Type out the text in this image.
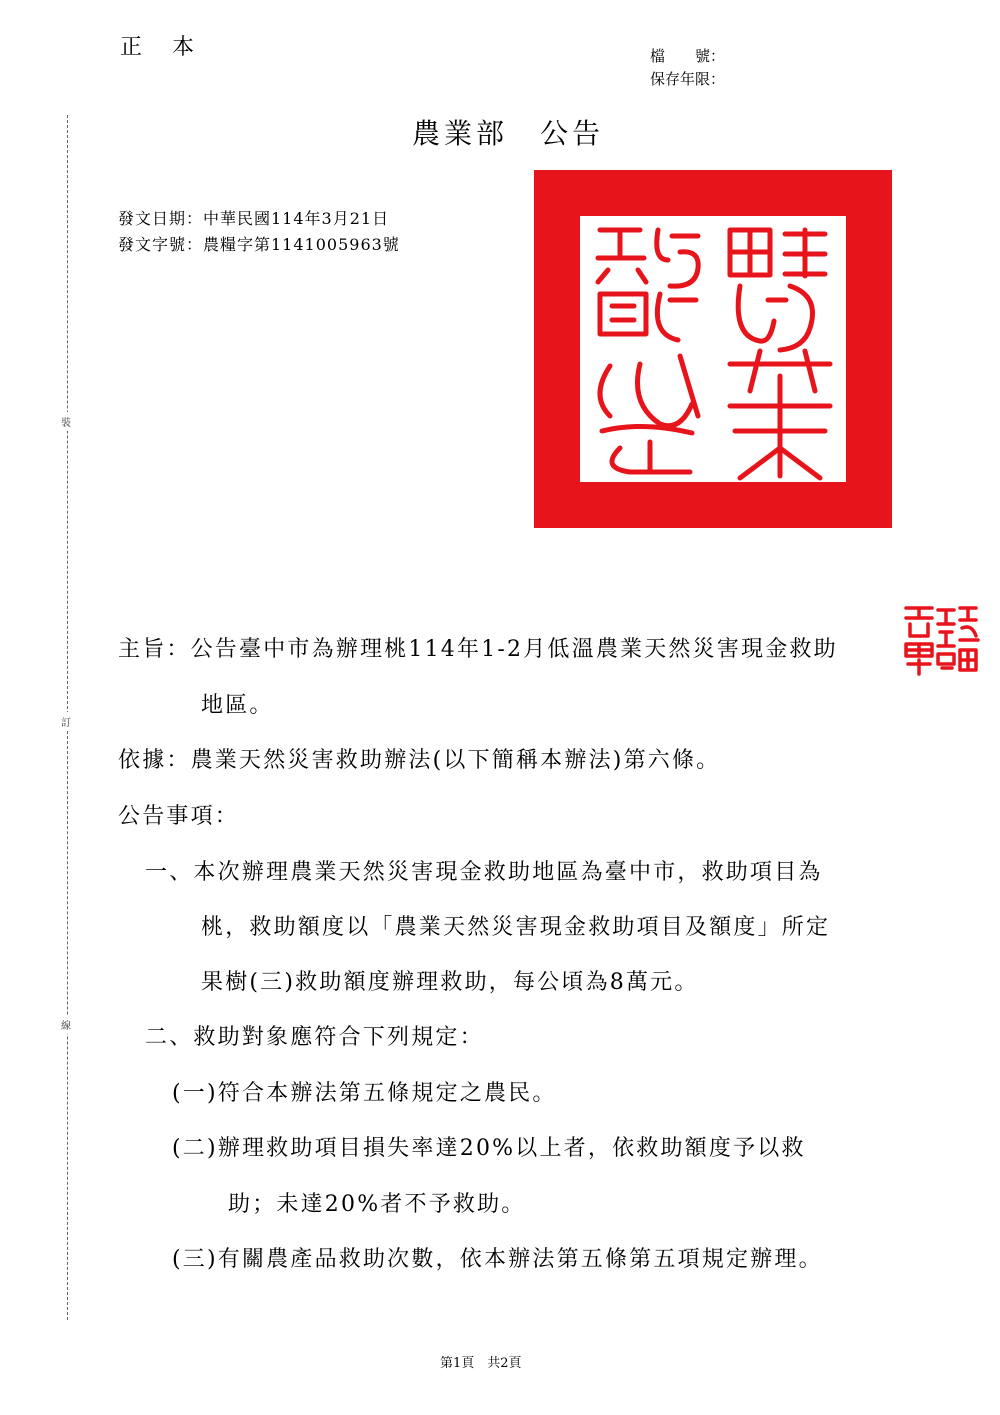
正本	檔　　號：
保存年限：
裝
訂
線
農業部　公告
發文日期：中華民國114年3月21日
發文字號：農糧字第1141005963號
主旨：公告臺中市為辦理桃114年1-2月低溫農業天然災害現金救助
地區。
依據：農業天然災害救助辦法(以下簡稱本辦法)第六條。
公告事項：
一、本次辦理農業天然災害現金救助地區為臺中市，救助項目為
桃，救助額度以「農業天然災害現金救助項目及額度」所定
果樹(三)救助額度辦理救助，每公頃為8萬元。
二、救助對象應符合下列規定：
(一)符合本辦法第五條規定之農民。
(二)辦理救助項目損失率達20%以上者，依救助額度予以救
助；未達20%者不予救助。
(三)有關農產品救助次數，依本辦法第五條第五項規定辦理。
第1頁　共2頁
